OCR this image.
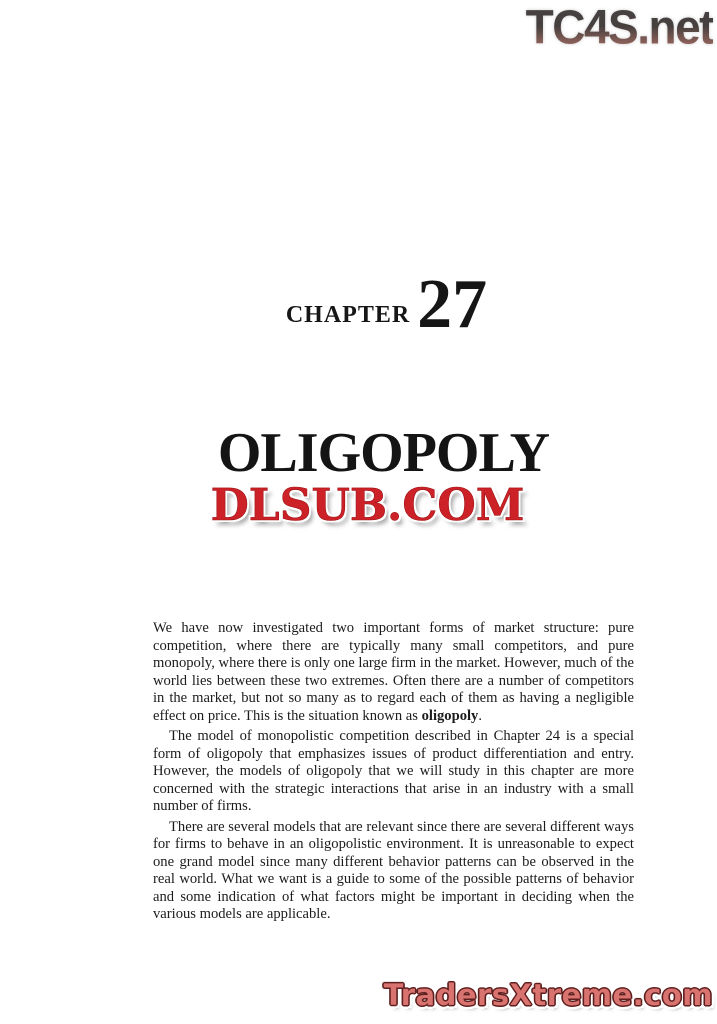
TC4S.net
CHAPTER 27
OLIGOPOLY
DLSUB.COM

We have now investigated two important forms of market structure: pure competition, where there are typically many small competitors, and pure monopoly, where there is only one large firm in the market. However, much of the world lies between these two extremes. Often there are a number of competitors in the market, but not so many as to regard each of them as having a negligible effect on price. This is the situation known as oligopoly.

The model of monopolistic competition described in Chapter 24 is a special form of oligopoly that emphasizes issues of product differentiation and entry. However, the models of oligopoly that we will study in this chapter are more concerned with the strategic interactions that arise in an industry with a small number of firms.

There are several models that are relevant since there are several different ways for firms to behave in an oligopolistic environment. It is unreasonable to expect one grand model since many different behavior patterns can be observed in the real world. What we want is a guide to some of the possible patterns of behavior and some indication of what factors might be important in deciding when the various models are applicable.

TradersXtreme.com
